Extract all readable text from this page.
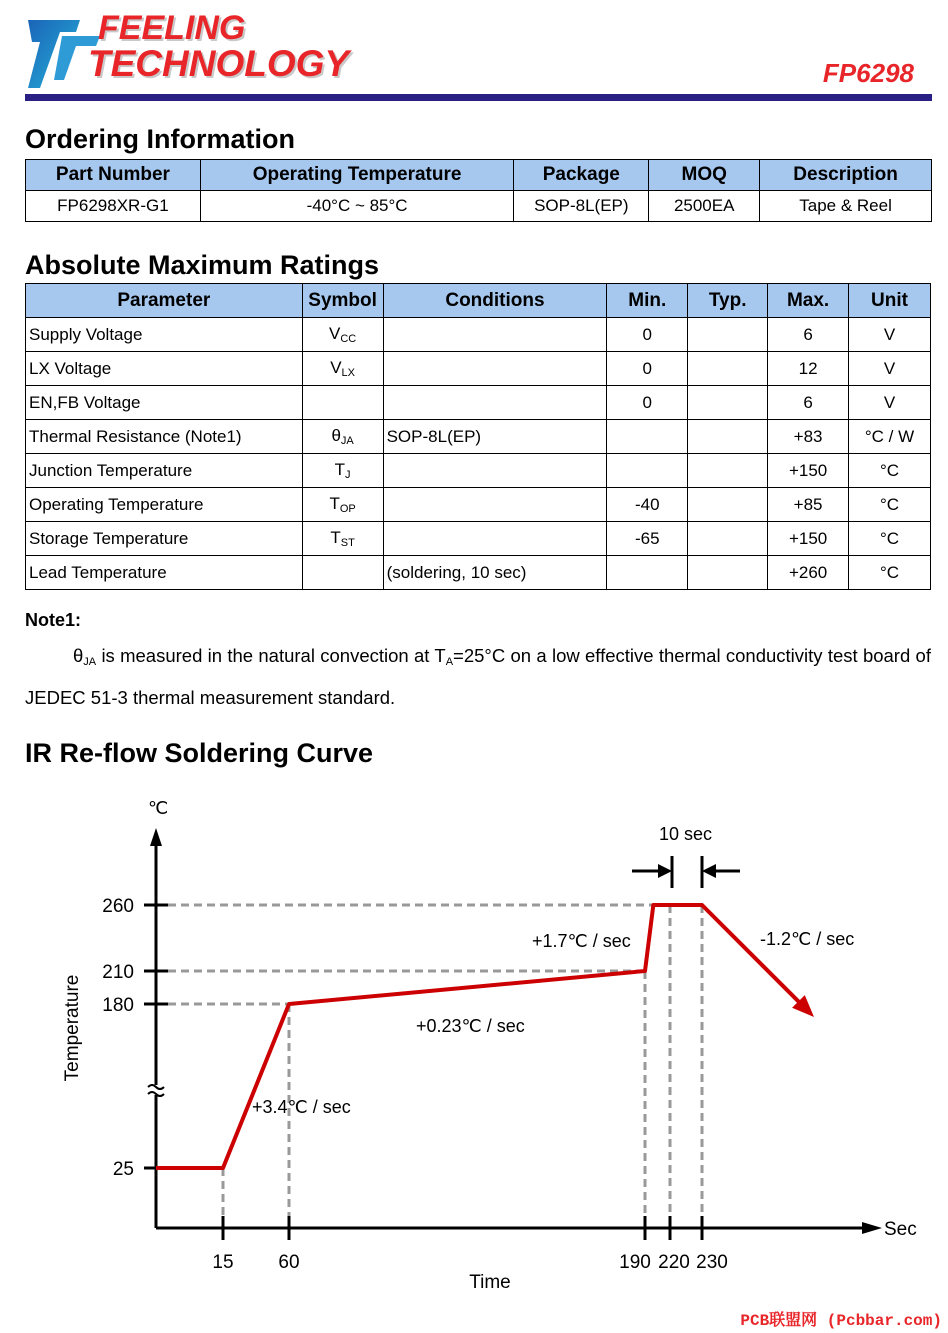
FEELING
TECHNOLOGY	FP6298
Ordering Information
Part Number	Operating Temperature	Package	MOQ	Description
FP6298XR-G1	-40°C ~ 85°C	SOP-8L(EP)	2500EA	Tape & Reel
Absolute Maximum Ratings
Parameter	Symbol	Conditions	Min.	Typ.	Max.	Unit
Supply Voltage	$V_{CC}$		0		6	V
LX Voltage	$V_{LX}$		0		12	V
EN,FB Voltage			0		6	V
Thermal Resistance (Note1)	$\theta_{JA}$	SOP-8L(EP)			+83	°C / W
Junction Temperature	$T_J$				+150	°C
Operating Temperature	$T_{OP}$		-40		+85	°C
Storage Temperature	$T_{ST}$		-65		+150	°C
Lead Temperature		(soldering, 10 sec)			+260	°C
Note1:

$\theta_{JA}$ is measured in the natural convection at $T_A=25^\circ C$ on a low effective thermal conductivity test board of JEDEC 51-3 thermal measurement standard.

IR Re-flow Soldering Curve
℃
Sec
Time
Temperature
25
180
210
260
15 60	190 220 230
+3.4℃ / sec
+0.23℃ / sec
+1.7℃ / sec
10 sec
-1.2℃ / sec
PCB联盟网 (Pcbbar.com)
